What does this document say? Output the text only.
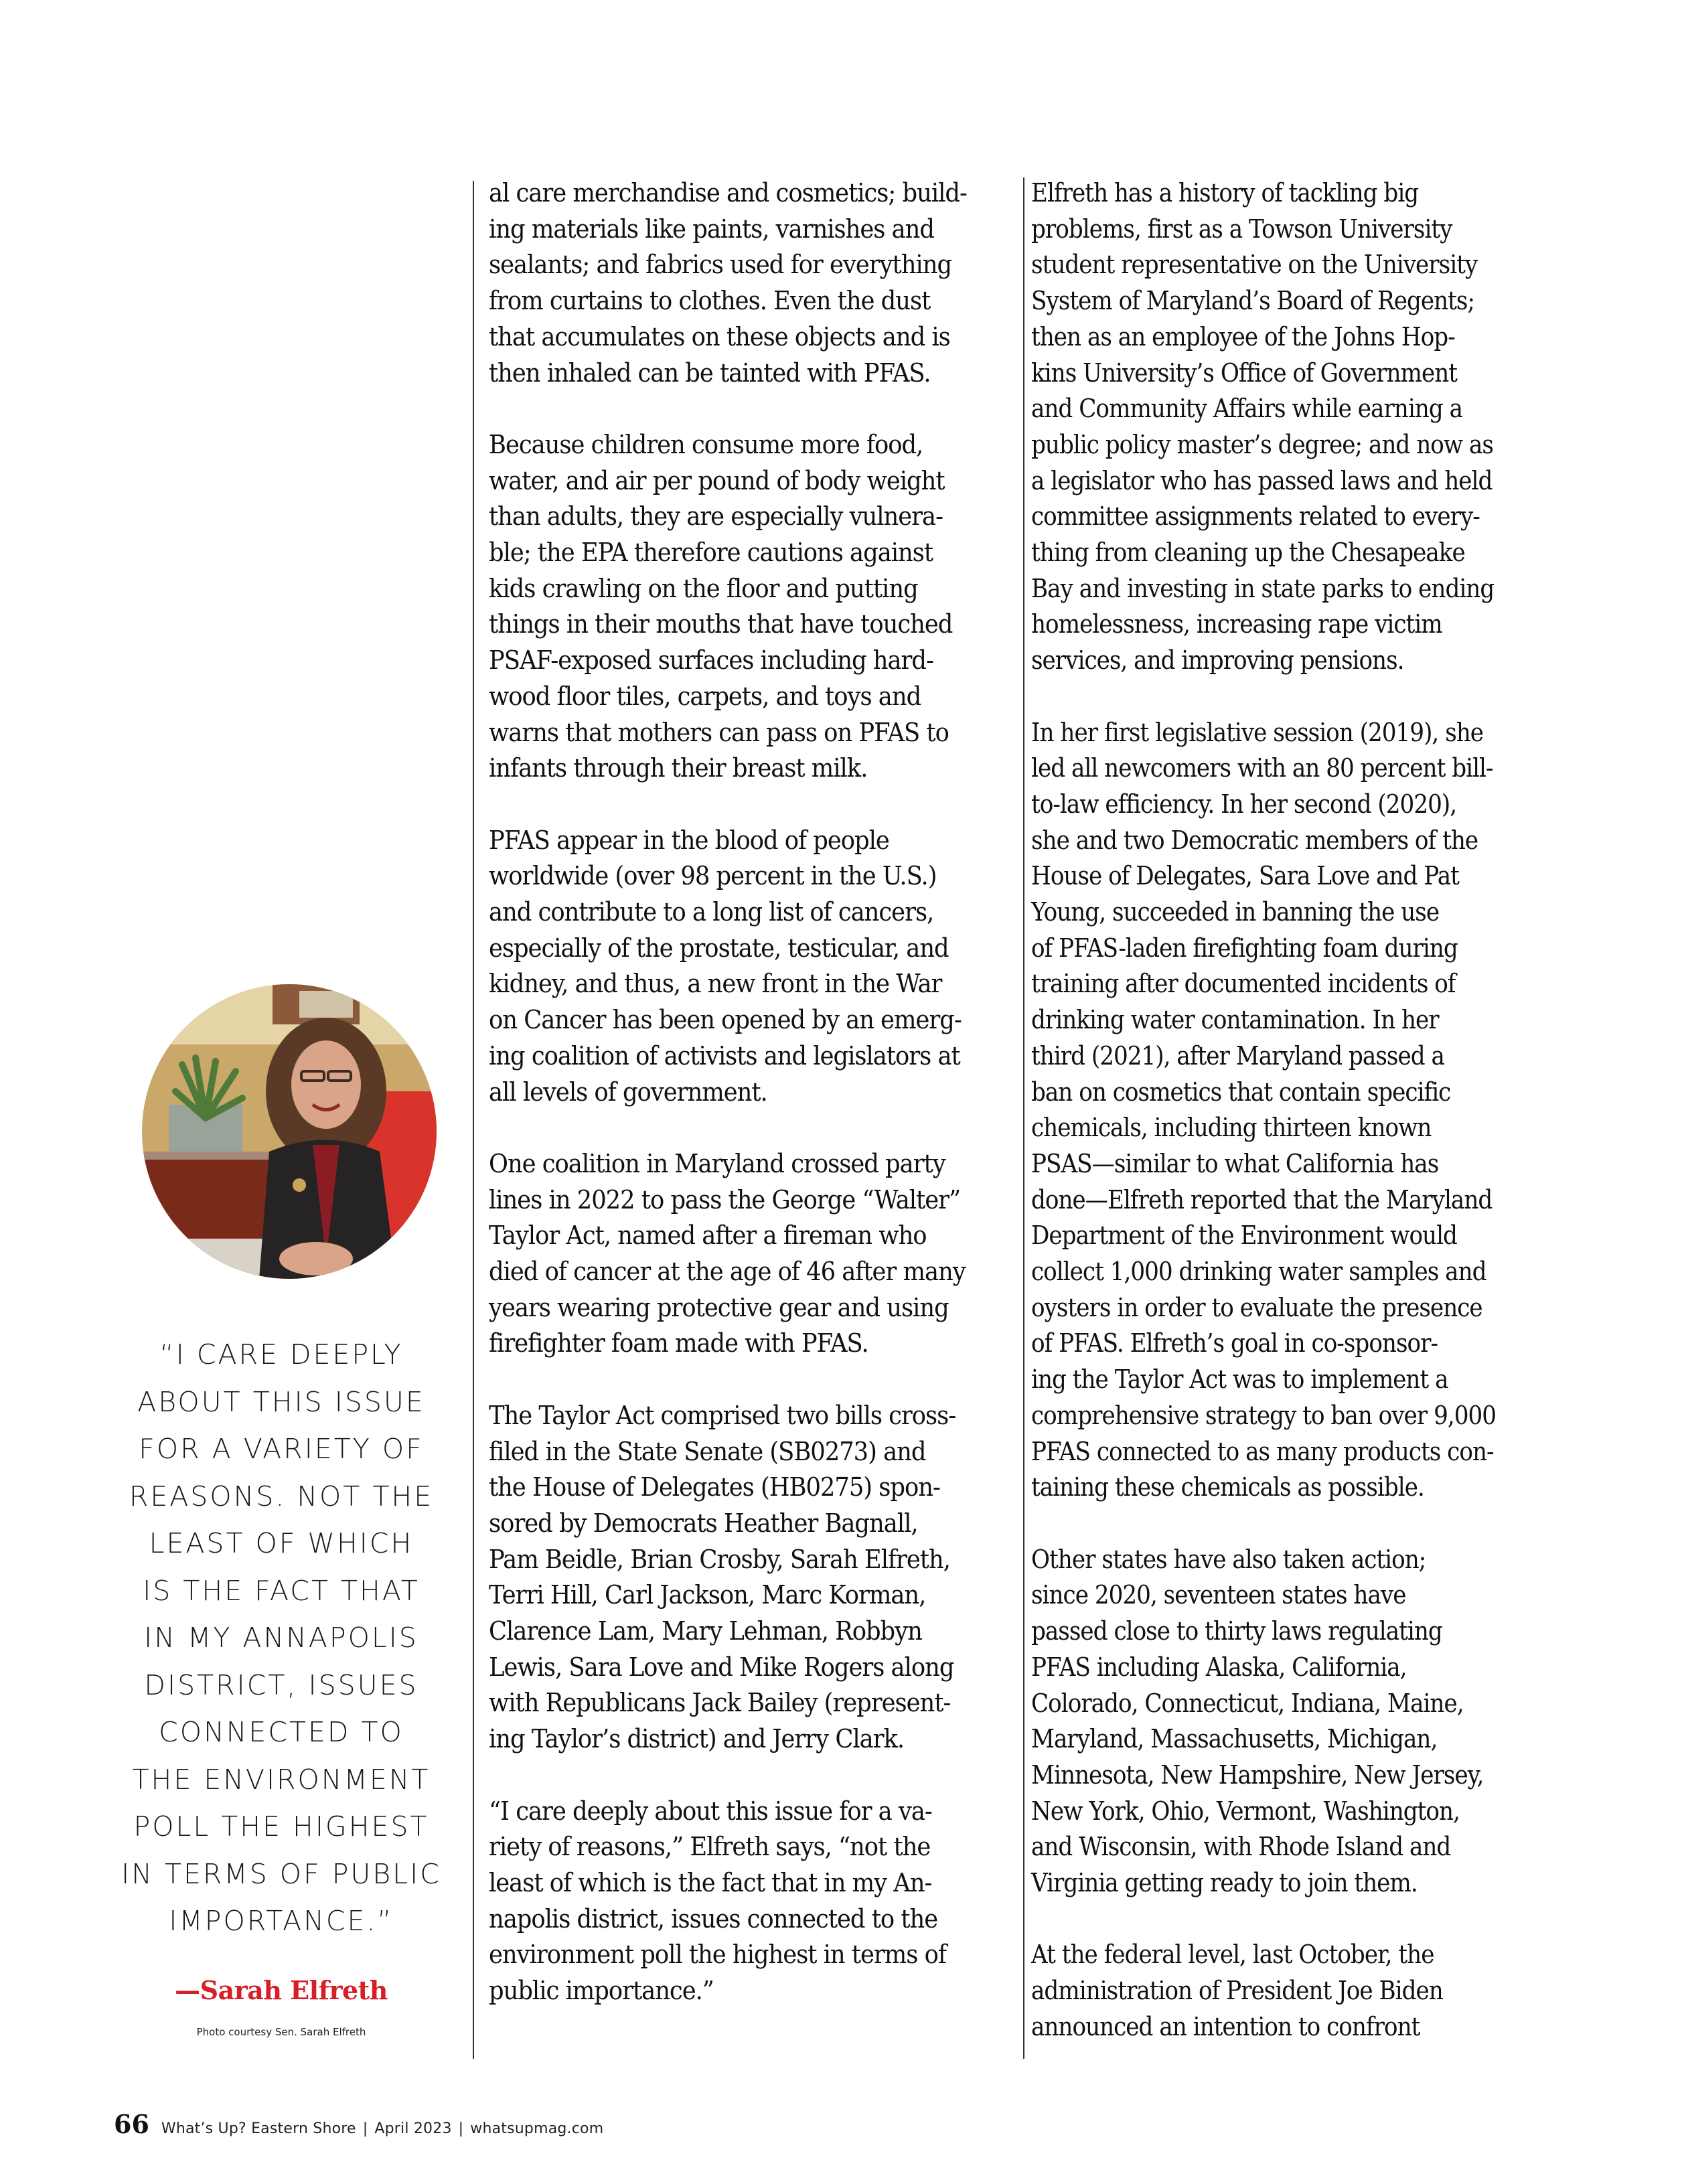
“I CARE DEEPLY
ABOUT THIS ISSUE
FOR A VARIETY OF
REASONS. NOT THE
LEAST OF WHICH
IS THE FACT THAT
IN MY ANNAPOLIS
DISTRICT, ISSUES
CONNECTED TO
THE ENVIRONMENT
POLL THE HIGHEST
IN TERMS OF PUBLIC
IMPORTANCE.”
—Sarah Elfreth
Photo courtesy Sen. Sarah Elfreth
al care merchandise and cosmetics; build-
ing materials like paints, varnishes and
sealants; and fabrics used for everything
from curtains to clothes. Even the dust
that accumulates on these objects and is
then inhaled can be tainted with PFAS.
Because children consume more food,
water, and air per pound of body weight
than adults, they are especially vulnera-
ble; the EPA therefore cautions against
kids crawling on the floor and putting
things in their mouths that have touched
PSAF-exposed surfaces including hard-
wood floor tiles, carpets, and toys and
warns that mothers can pass on PFAS to
infants through their breast milk.
PFAS appear in the blood of people
worldwide (over 98 percent in the U.S.)
and contribute to a long list of cancers,
especially of the prostate, testicular, and
kidney, and thus, a new front in the War
on Cancer has been opened by an emerg-
ing coalition of activists and legislators at
all levels of government.
One coalition in Maryland crossed party
lines in 2022 to pass the George “Walter”
Taylor Act, named after a fireman who
died of cancer at the age of 46 after many
years wearing protective gear and using
firefighter foam made with PFAS.
The Taylor Act comprised two bills cross-
filed in the State Senate (SB0273) and
the House of Delegates (HB0275) spon-
sored by Democrats Heather Bagnall,
Pam Beidle, Brian Crosby, Sarah Elfreth,
Terri Hill, Carl Jackson, Marc Korman,
Clarence Lam, Mary Lehman, Robbyn
Lewis, Sara Love and Mike Rogers along
with Republicans Jack Bailey (represent-
ing Taylor’s district) and Jerry Clark.
“I care deeply about this issue for a va-
riety of reasons,” Elfreth says, “not the
least of which is the fact that in my An-
napolis district, issues connected to the
environment poll the highest in terms of
public importance.”
Elfreth has a history of tackling big
problems, first as a Towson University
student representative on the University
System of Maryland’s Board of Regents;
then as an employee of the Johns Hop-
kins University’s Office of Government
and Community Affairs while earning a
public policy master’s degree; and now as
a legislator who has passed laws and held
committee assignments related to every-
thing from cleaning up the Chesapeake
Bay and investing in state parks to ending
homelessness, increasing rape victim
services, and improving pensions.
In her first legislative session (2019), she
led all newcomers with an 80 percent bill-
to-law efficiency. In her second (2020),
she and two Democratic members of the
House of Delegates, Sara Love and Pat
Young, succeeded in banning the use
of PFAS-laden firefighting foam during
training after documented incidents of
drinking water contamination. In her
third (2021), after Maryland passed a
ban on cosmetics that contain specific
chemicals, including thirteen known
PSAS—similar to what California has
done—Elfreth reported that the Maryland
Department of the Environment would
collect 1,000 drinking water samples and
oysters in order to evaluate the presence
of PFAS. Elfreth’s goal in co-sponsor-
ing the Taylor Act was to implement a
comprehensive strategy to ban over 9,000
PFAS connected to as many products con-
taining these chemicals as possible.
Other states have also taken action;
since 2020, seventeen states have
passed close to thirty laws regulating
PFAS including Alaska, California,
Colorado, Connecticut, Indiana, Maine,
Maryland, Massachusetts, Michigan,
Minnesota, New Hampshire, New Jersey,
New York, Ohio, Vermont, Washington,
and Wisconsin, with Rhode Island and
Virginia getting ready to join them.
At the federal level, last October, the
administration of President Joe Biden
announced an intention to confront
66 What’s Up? Eastern Shore | April 2023 | whatsupmag.com
